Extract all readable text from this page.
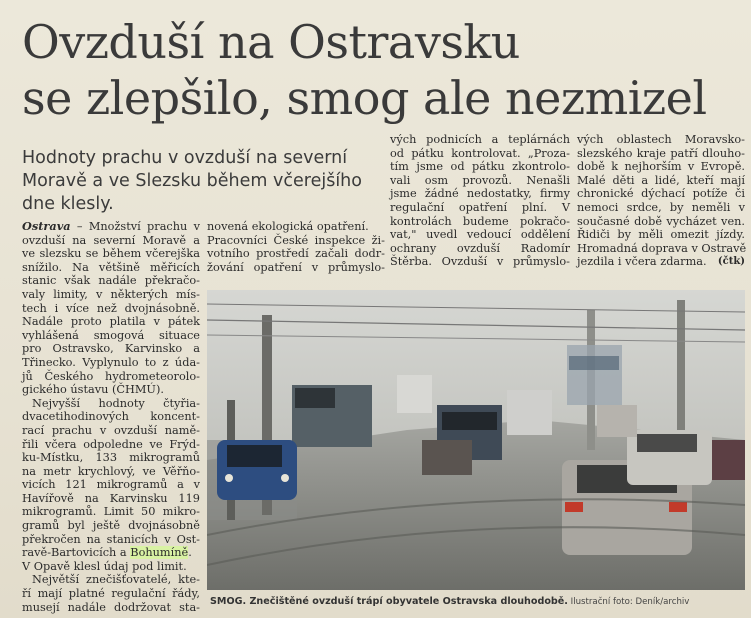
Ovzduší na Ostravsku
se zlepšilo, smog ale nezmizel
Hodnoty prachu v ovzduší na severní
Moravě a ve Slezsku během včerejšího
dne klesly.
Ostrava – Množství prachu v
ovzduší na severní Moravě a
ve slezsku se během včerejška
snížilo. Na většině měřicích
stanic však nadále překračo-
valy limity, v některých mís-
tech i více než dvojnásobně.
Nadále proto platila v pátek
vyhlášená smogová situace
pro Ostravsko, Karvinsko a
Třinecko. Vyplynulo to z úda-
jů Českého hydrometeorolo-
gického ústavu (ČHMÚ).
Nejvyšší hodnoty čtyřia-
dvacetihodinových koncent-
rací prachu v ovzduší namě-
řili včera odpoledne ve Frýd-
ku-Místku, 133 mikrogramů
na metr krychlový, ve Věřňo-
vicích 121 mikrogramů a v
Havířově na Karvinsku 119
mikrogramů. Limit 50 mikro-
gramů byl ještě dvojnásobně
překročen na stanicích v Ost-
ravě-Bartovicích a Bohumíně.
V Opavě klesl údaj pod limit.
Největší znečišťovatelé, kte-
ří mají platné regulační řády,
musejí nadále dodržovat sta-
novená ekologická opatření.
Pracovníci České inspekce ži-
votního prostředí začali dodr-
žování opatření v průmyslo-
vých podnicích a teplárnách
od pátku kontrolovat. „Proza-
tím jsme od pátku zkontrolo-
vali osm provozů. Nenašli
jsme žádné nedostatky, firmy
regulační opatření plní. V
kontrolách budeme pokračo-
vat," uvedl vedoucí oddělení
ochrany ovzduší Radomír
Štěrba. Ovzduší v průmyslo-
vých oblastech Moravsko-
slezského kraje patří dlouho-
době k nejhorším v Evropě.
Malé děti a lidé, kteří mají
chronické dýchací potíže či
nemoci srdce, by neměli v
současné době vycházet ven.
Řidiči by měli omezit jízdy.
Hromadná doprava v Ostravě
jezdila i včera zdarma. (čtk)
SMOG. Znečištěné ovzduší trápí obyvatele Ostravska dlouhodobě. Ilustrační foto: Deník/archiv
